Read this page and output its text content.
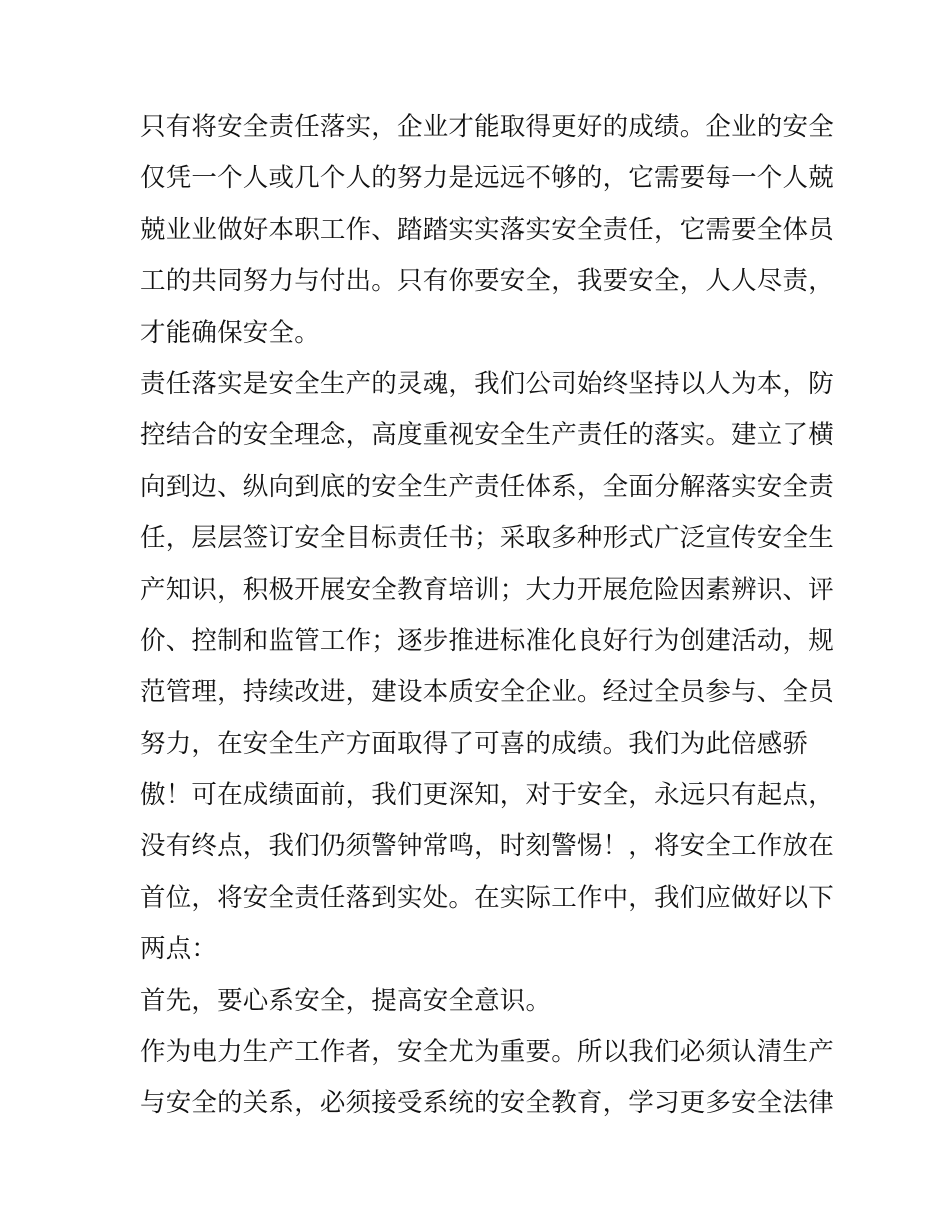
只有将安全责任落实，企业才能取得更好的成绩。企业的安全
仅凭一个人或几个人的努力是远远不够的，它需要每一个人兢
兢业业做好本职工作、踏踏实实落实安全责任，它需要全体员
工的共同努力与付出。只有你要安全，我要安全，人人尽责，
才能确保安全。
责任落实是安全生产的灵魂，我们公司始终坚持以人为本，防
控结合的安全理念，高度重视安全生产责任的落实。建立了横
向到边、纵向到底的安全生产责任体系，全面分解落实安全责
任，层层签订安全目标责任书；采取多种形式广泛宣传安全生
产知识，积极开展安全教育培训；大力开展危险因素辨识、评
价、控制和监管工作；逐步推进标准化良好行为创建活动，规
范管理，持续改进，建设本质安全企业。经过全员参与、全员
努力，在安全生产方面取得了可喜的成绩。我们为此倍感骄
傲！可在成绩面前，我们更深知，对于安全，永远只有起点，
没有终点，我们仍须警钟常鸣，时刻警惕！，将安全工作放在
首位，将安全责任落到实处。在实际工作中，我们应做好以下
两点：
首先，要心系安全，提高安全意识。
作为电力生产工作者，安全尤为重要。所以我们必须认清生产
与安全的关系，必须接受系统的安全教育，学习更多安全法律
